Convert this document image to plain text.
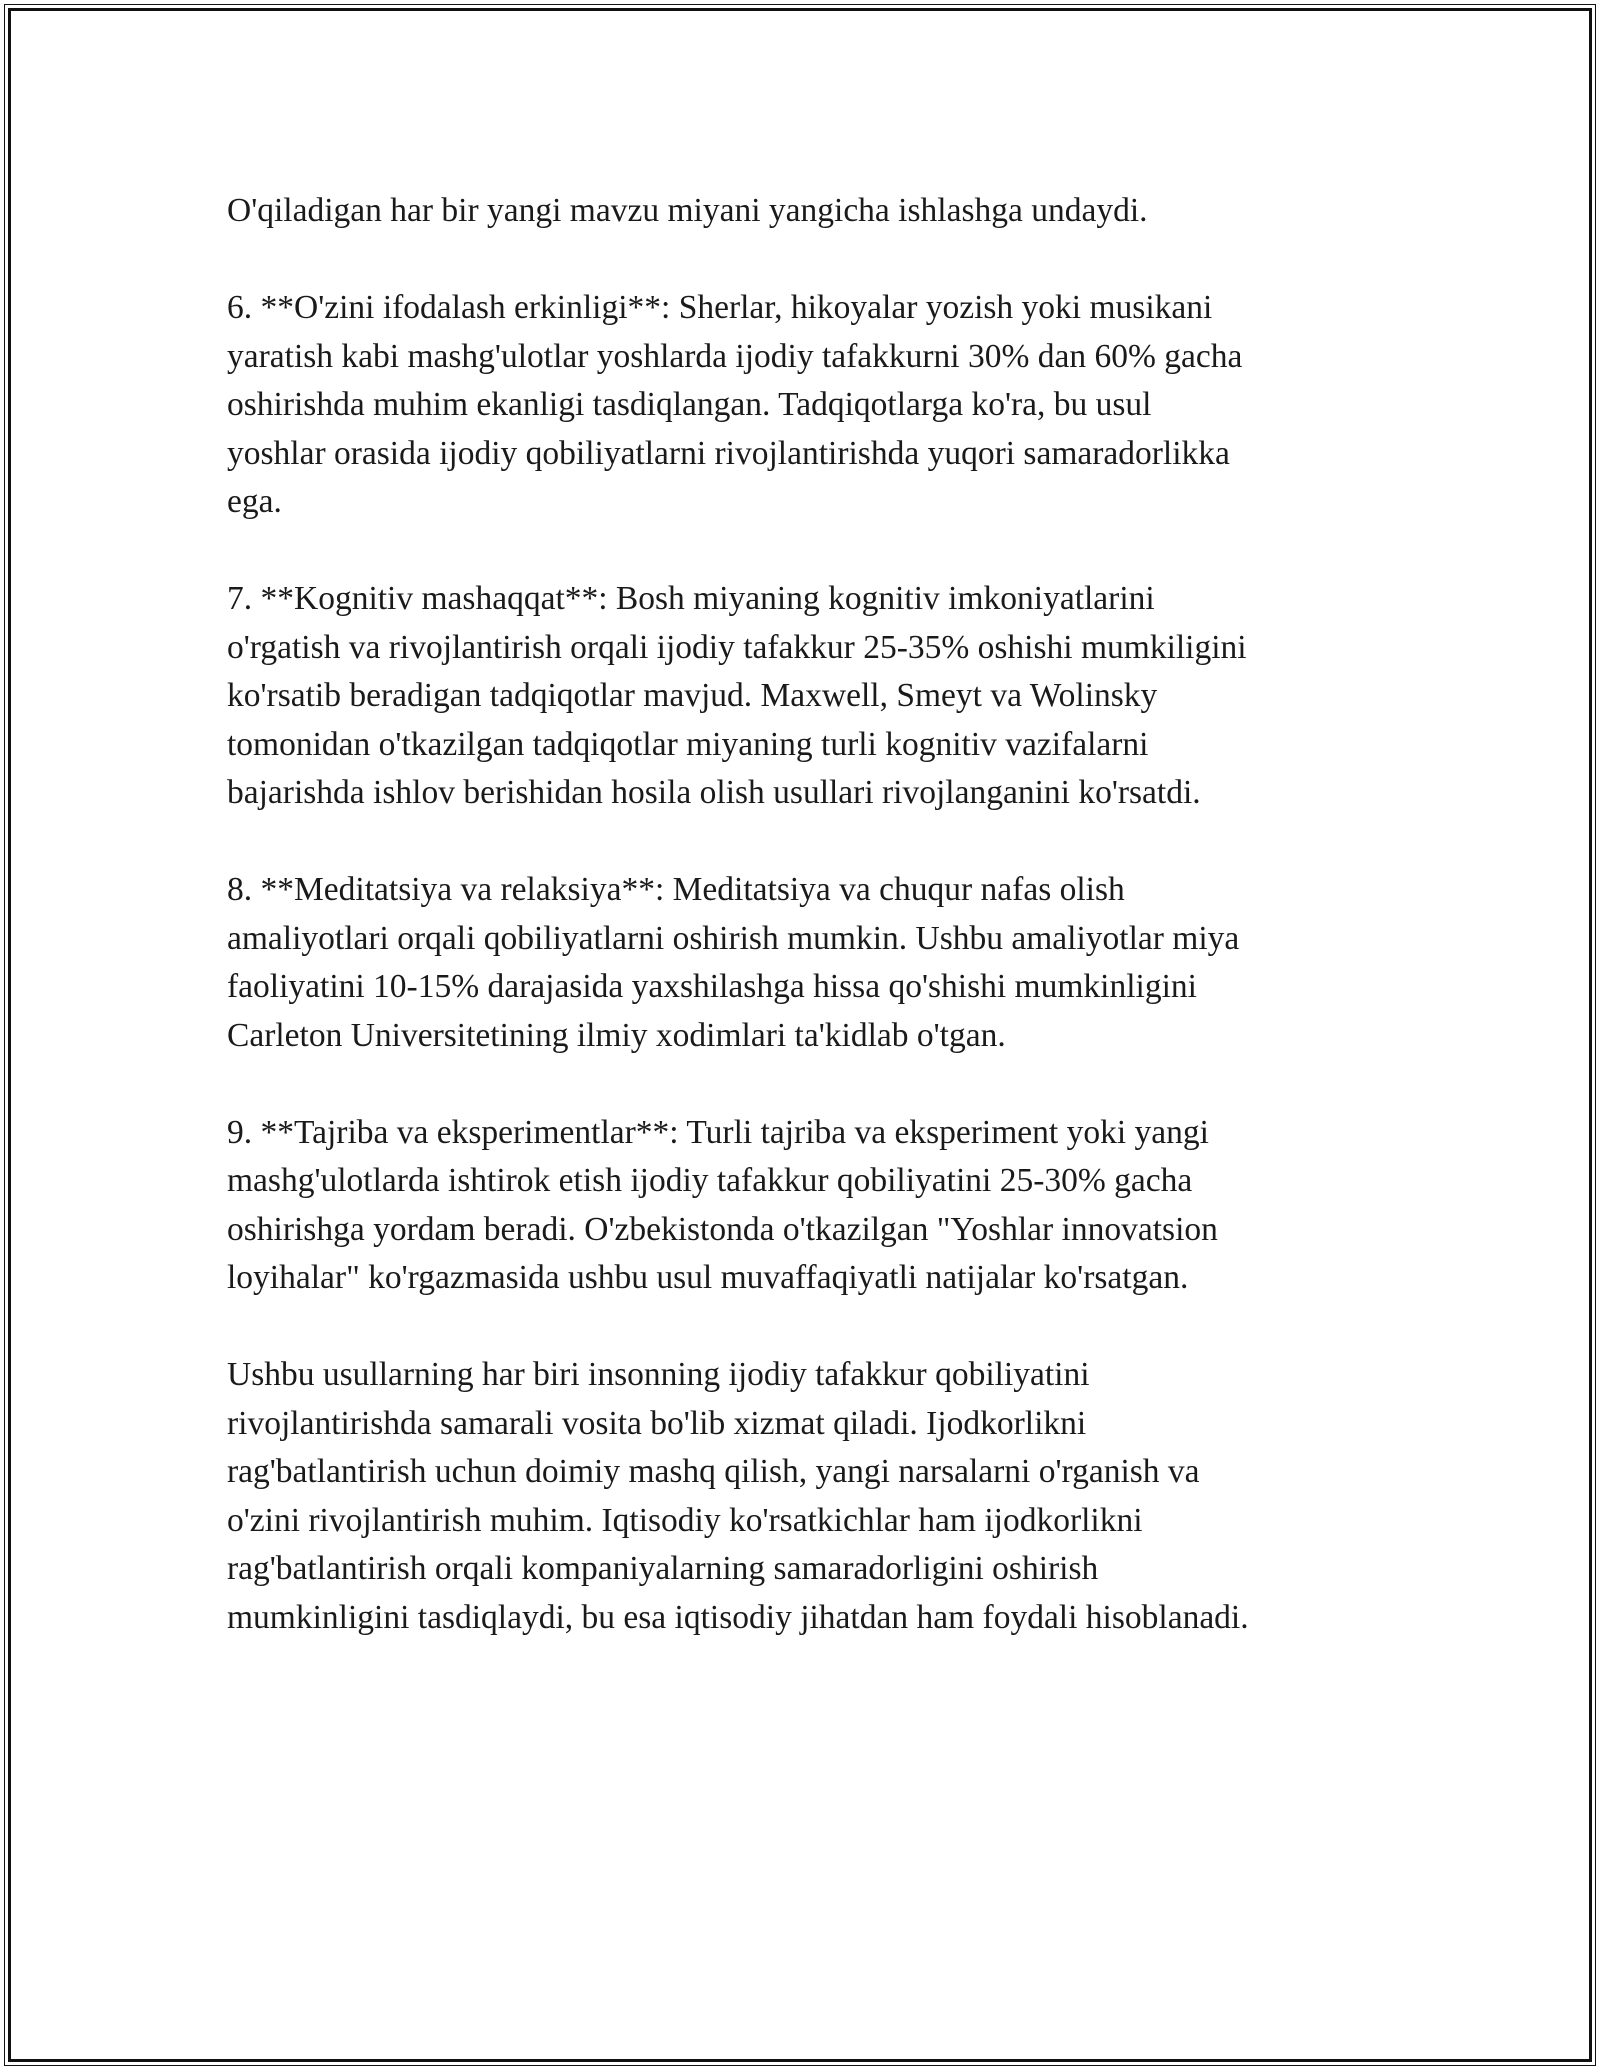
O'qiladigan har bir yangi mavzu miyani yangicha ishlashga undaydi.

6. **O'zini ifodalash erkinligi**: Sherlar, hikoyalar yozish yoki musikani
yaratish kabi mashg'ulotlar yoshlarda ijodiy tafakkurni 30% dan 60% gacha
oshirishda muhim ekanligi tasdiqlangan. Tadqiqotlarga ko'ra, bu usul
yoshlar orasida ijodiy qobiliyatlarni rivojlantirishda yuqori samaradorlikka
ega.

7. **Kognitiv mashaqqat**: Bosh miyaning kognitiv imkoniyatlarini
o'rgatish va rivojlantirish orqali ijodiy tafakkur 25-35% oshishi mumkiligini
ko'rsatib beradigan tadqiqotlar mavjud. Maxwell, Smeyt va Wolinsky
tomonidan o'tkazilgan tadqiqotlar miyaning turli kognitiv vazifalarni
bajarishda ishlov berishidan hosila olish usullari rivojlanganini ko'rsatdi.

8. **Meditatsiya va relaksiya**: Meditatsiya va chuqur nafas olish
amaliyotlari orqali qobiliyatlarni oshirish mumkin. Ushbu amaliyotlar miya
faoliyatini 10-15% darajasida yaxshilashga hissa qo'shishi mumkinligini
Carleton Universitetining ilmiy xodimlari ta'kidlab o'tgan.

9. **Tajriba va eksperimentlar**: Turli tajriba va eksperiment yoki yangi
mashg'ulotlarda ishtirok etish ijodiy tafakkur qobiliyatini 25-30% gacha
oshirishga yordam beradi. O'zbekistonda o'tkazilgan "Yoshlar innovatsion
loyihalar" ko'rgazmasida ushbu usul muvaffaqiyatli natijalar ko'rsatgan.

Ushbu usullarning har biri insonning ijodiy tafakkur qobiliyatini
rivojlantirishda samarali vosita bo'lib xizmat qiladi. Ijodkorlikni
rag'batlantirish uchun doimiy mashq qilish, yangi narsalarni o'rganish va
o'zini rivojlantirish muhim. Iqtisodiy ko'rsatkichlar ham ijodkorlikni
rag'batlantirish orqali kompaniyalarning samaradorligini oshirish
mumkinligini tasdiqlaydi, bu esa iqtisodiy jihatdan ham foydali hisoblanadi.
